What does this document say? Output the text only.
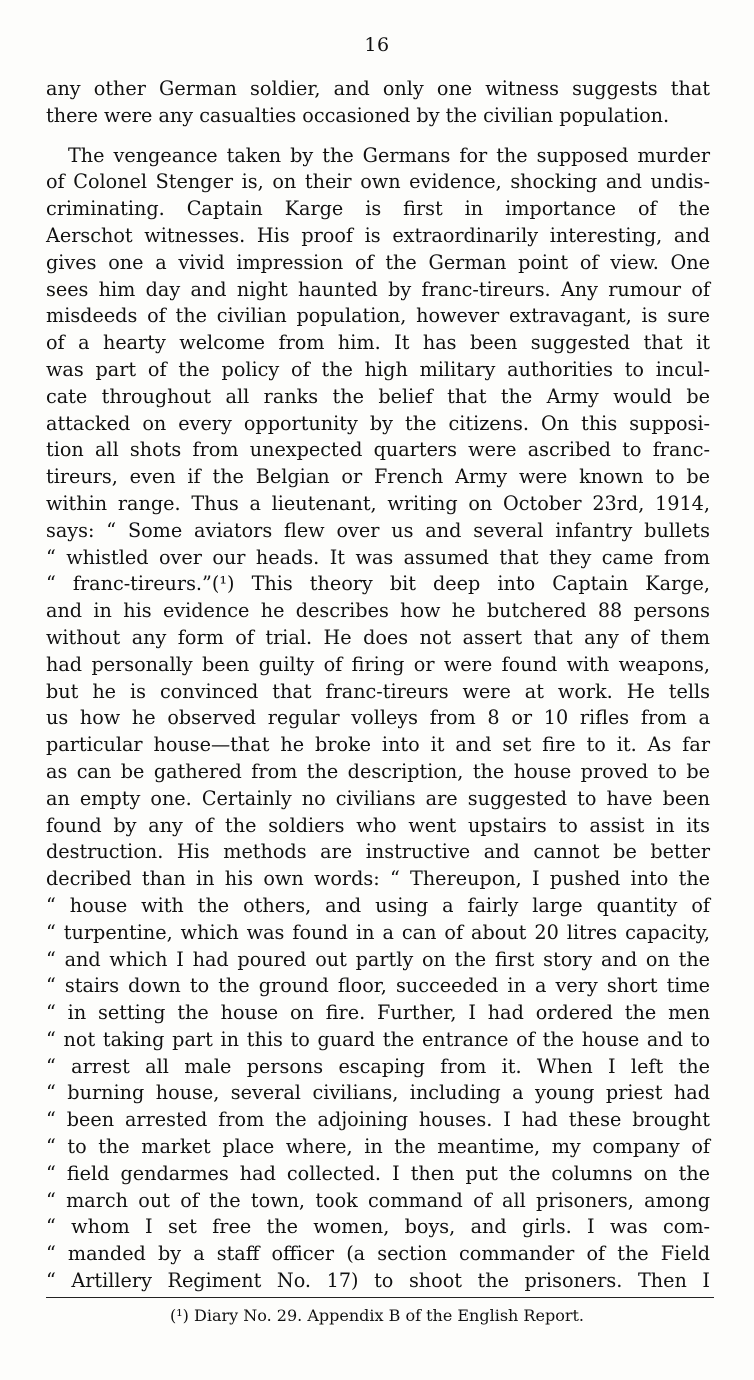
16

any other German soldier, and only one witness suggests that
there were any casualties occasioned by the civilian population.

The vengeance taken by the Germans for the supposed murder
of Colonel Stenger is, on their own evidence, shocking and undis-
criminating. Captain Karge is first in importance of the
Aerschot witnesses. His proof is extraordinarily interesting, and
gives one a vivid impression of the German point of view. One
sees him day and night haunted by franc-tireurs. Any rumour of
misdeeds of the civilian population, however extravagant, is sure
of a hearty welcome from him. It has been suggested that it
was part of the policy of the high military authorities to incul-
cate throughout all ranks the belief that the Army would be
attacked on every opportunity by the citizens. On this supposi-
tion all shots from unexpected quarters were ascribed to franc-
tireurs, even if the Belgian or French Army were known to be
within range. Thus a lieutenant, writing on October 23rd, 1914,
says: “ Some aviators flew over us and several infantry bullets
“ whistled over our heads. It was assumed that they came from
“ franc-tireurs.”(¹) This theory bit deep into Captain Karge,
and in his evidence he describes how he butchered 88 persons
without any form of trial. He does not assert that any of them
had personally been guilty of firing or were found with weapons,
but he is convinced that franc-tireurs were at work. He tells
us how he observed regular volleys from 8 or 10 rifles from a
particular house—that he broke into it and set fire to it. As far
as can be gathered from the description, the house proved to be
an empty one. Certainly no civilians are suggested to have been
found by any of the soldiers who went upstairs to assist in its
destruction. His methods are instructive and cannot be better
decribed than in his own words: “ Thereupon, I pushed into the
“ house with the others, and using a fairly large quantity of
“ turpentine, which was found in a can of about 20 litres capacity,
“ and which I had poured out partly on the first story and on the
“ stairs down to the ground floor, succeeded in a very short time
“ in setting the house on fire. Further, I had ordered the men
“ not taking part in this to guard the entrance of the house and to
“ arrest all male persons escaping from it. When I left the
“ burning house, several civilians, including a young priest had
“ been arrested from the adjoining houses. I had these brought
“ to the market place where, in the meantime, my company of
“ field gendarmes had collected. I then put the columns on the
“ march out of the town, took command of all prisoners, among
“ whom I set free the women, boys, and girls. I was com-
“ manded by a staff officer (a section commander of the Field
“ Artillery Regiment No. 17) to shoot the prisoners. Then I

(¹) Diary No. 29. Appendix B of the English Report.
